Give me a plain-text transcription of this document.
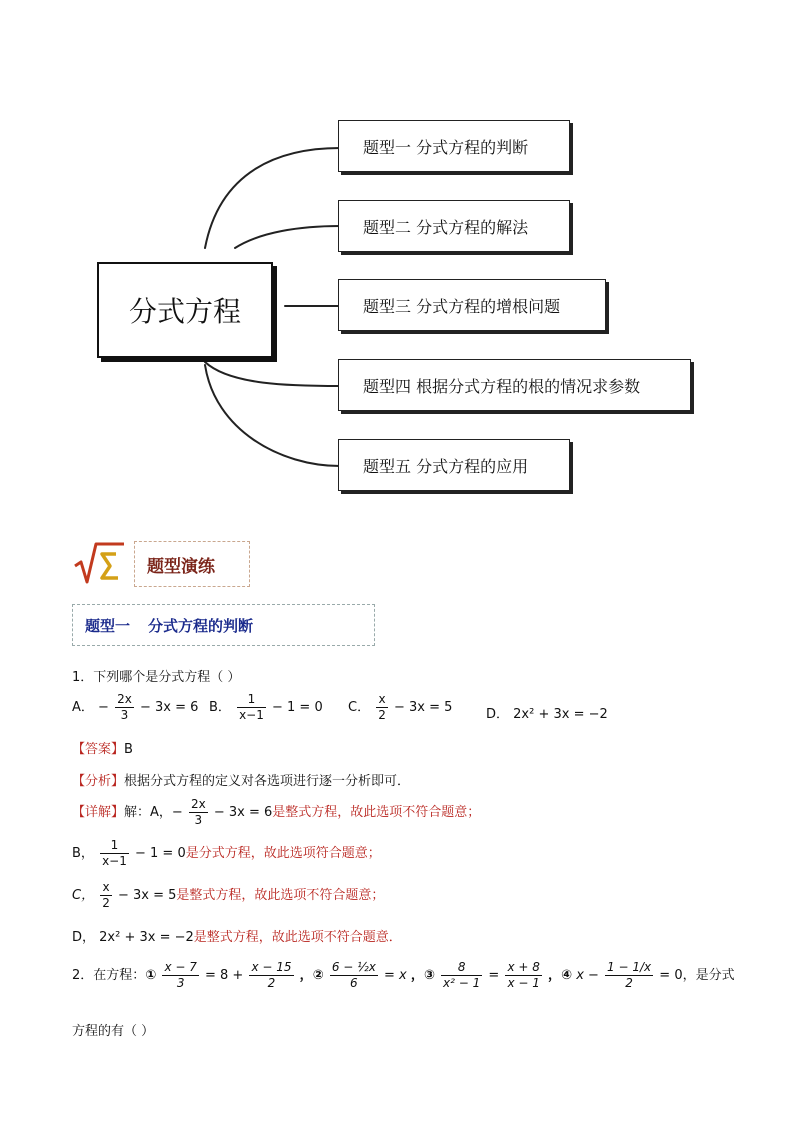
分式方程
题型一 分式方程的判断
题型二 分式方程的解法
题型三 分式方程的增根问题
题型四 根据分式方程的根的情况求参数
题型五 分式方程的应用
题型演练
题型一 分式方程的判断
1．下列哪个是分式方程（ ）
A． − $\frac{2x}{3} - 3x = 6$ B． $\frac{1}{x-1} - 1 = 0$ C． $\frac{x}{2} - 3x = 5$	D． 2x² + 3x = −2
【答案】B
【分析】根据分式方程的定义对各选项进行逐一分析即可．
【详解】解：A，− $\frac{2x}{3} - 3x = 6$是整式方程，故此选项不符合题意；
B， $\frac{1}{x-1} - 1 = 0$是分式方程，故此选项符合题意；
C， $\frac{x}{2} - 3x = 5$是整式方程，故此选项不符合题意；
D， 2x² + 3x = −2是整式方程，故此选项不符合题意．
2．在方程：① $\frac{x - 7}{3} = 8 + \frac{x - 15}{2}$ ，② $\frac{\text{6 − ½x}}{6} = x$ ，③ $\frac{8}{\text{x² − 1}} = \frac{x + 8}{x - 1}$ ，④ $x - \frac{1 - 1/x}{2} = 0$，是分式
方程的有（ ）
